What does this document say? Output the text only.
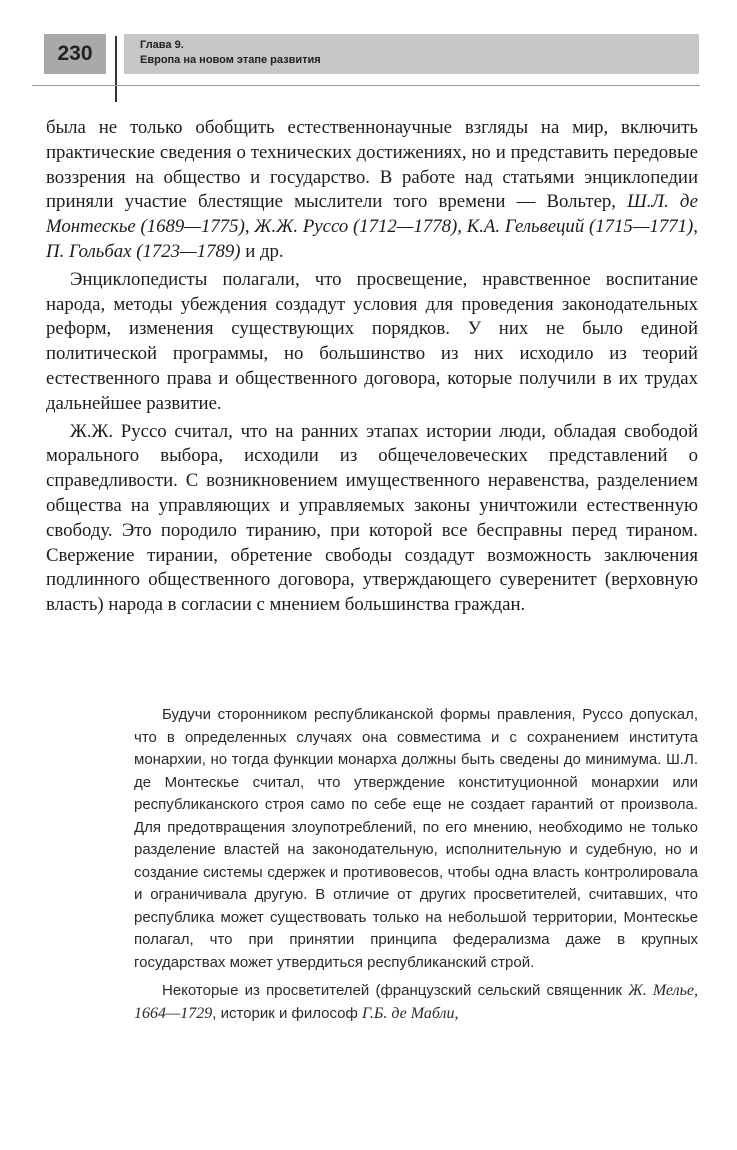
230	Глава 9.
Европа на новом этапе развития

была не только обобщить естественнонаучные взгляды на мир, включить практические сведения о технических достижениях, но и представить передовые воззрения на общество и государство. В работе над статьями энциклопедии приняли участие блестящие мыслители того времени — Вольтер, Ш.Л. де Монтескье (1689—1775), Ж.Ж. Руссо (1712—1778), К.А. Гельвеций (1715—1771), П. Гольбах (1723—1789) и др.

Энциклопедисты полагали, что просвещение, нравственное воспитание народа, методы убеждения создадут условия для проведения законодательных реформ, изменения существующих порядков. У них не было единой политической программы, но большинство из них исходило из теорий естественного права и общественного договора, которые получили в их трудах дальнейшее развитие.

Ж.Ж. Руссо считал, что на ранних этапах истории люди, обладая свободой морального выбора, исходили из общечеловеческих представлений о справедливости. С возникновением имущественного неравенства, разделением общества на управляющих и управляемых законы уничтожили естественную свободу. Это породило тиранию, при которой все бесправны перед тираном. Свержение тирании, обретение свободы создадут возможность заключения подлинного общественного договора, утверждающего суверенитет (верховную власть) народа в согласии с мнением большинства граждан.

Будучи сторонником республиканской формы правления, Руссо допускал, что в определенных случаях она совместима и с сохранением института монархии, но тогда функции монарха должны быть сведены до минимума. Ш.Л. де Монтескье считал, что утверждение конституционной монархии или республиканского строя само по себе еще не создает гарантий от произвола. Для предотвращения злоупотреблений, по его мнению, необходимо не только разделение властей на законодательную, исполнительную и судебную, но и создание системы сдержек и противовесов, чтобы одна власть контролировала и ограничивала другую. В отличие от других просветителей, считавших, что республика может существовать только на небольшой территории, Монтескье полагал, что при принятии принципа федерализма даже в крупных государствах может утвердиться республиканский строй.

Некоторые из просветителей (французский сельский священник Ж. Мелье, 1664—1729, историк и философ Г.Б. де Мабли,
